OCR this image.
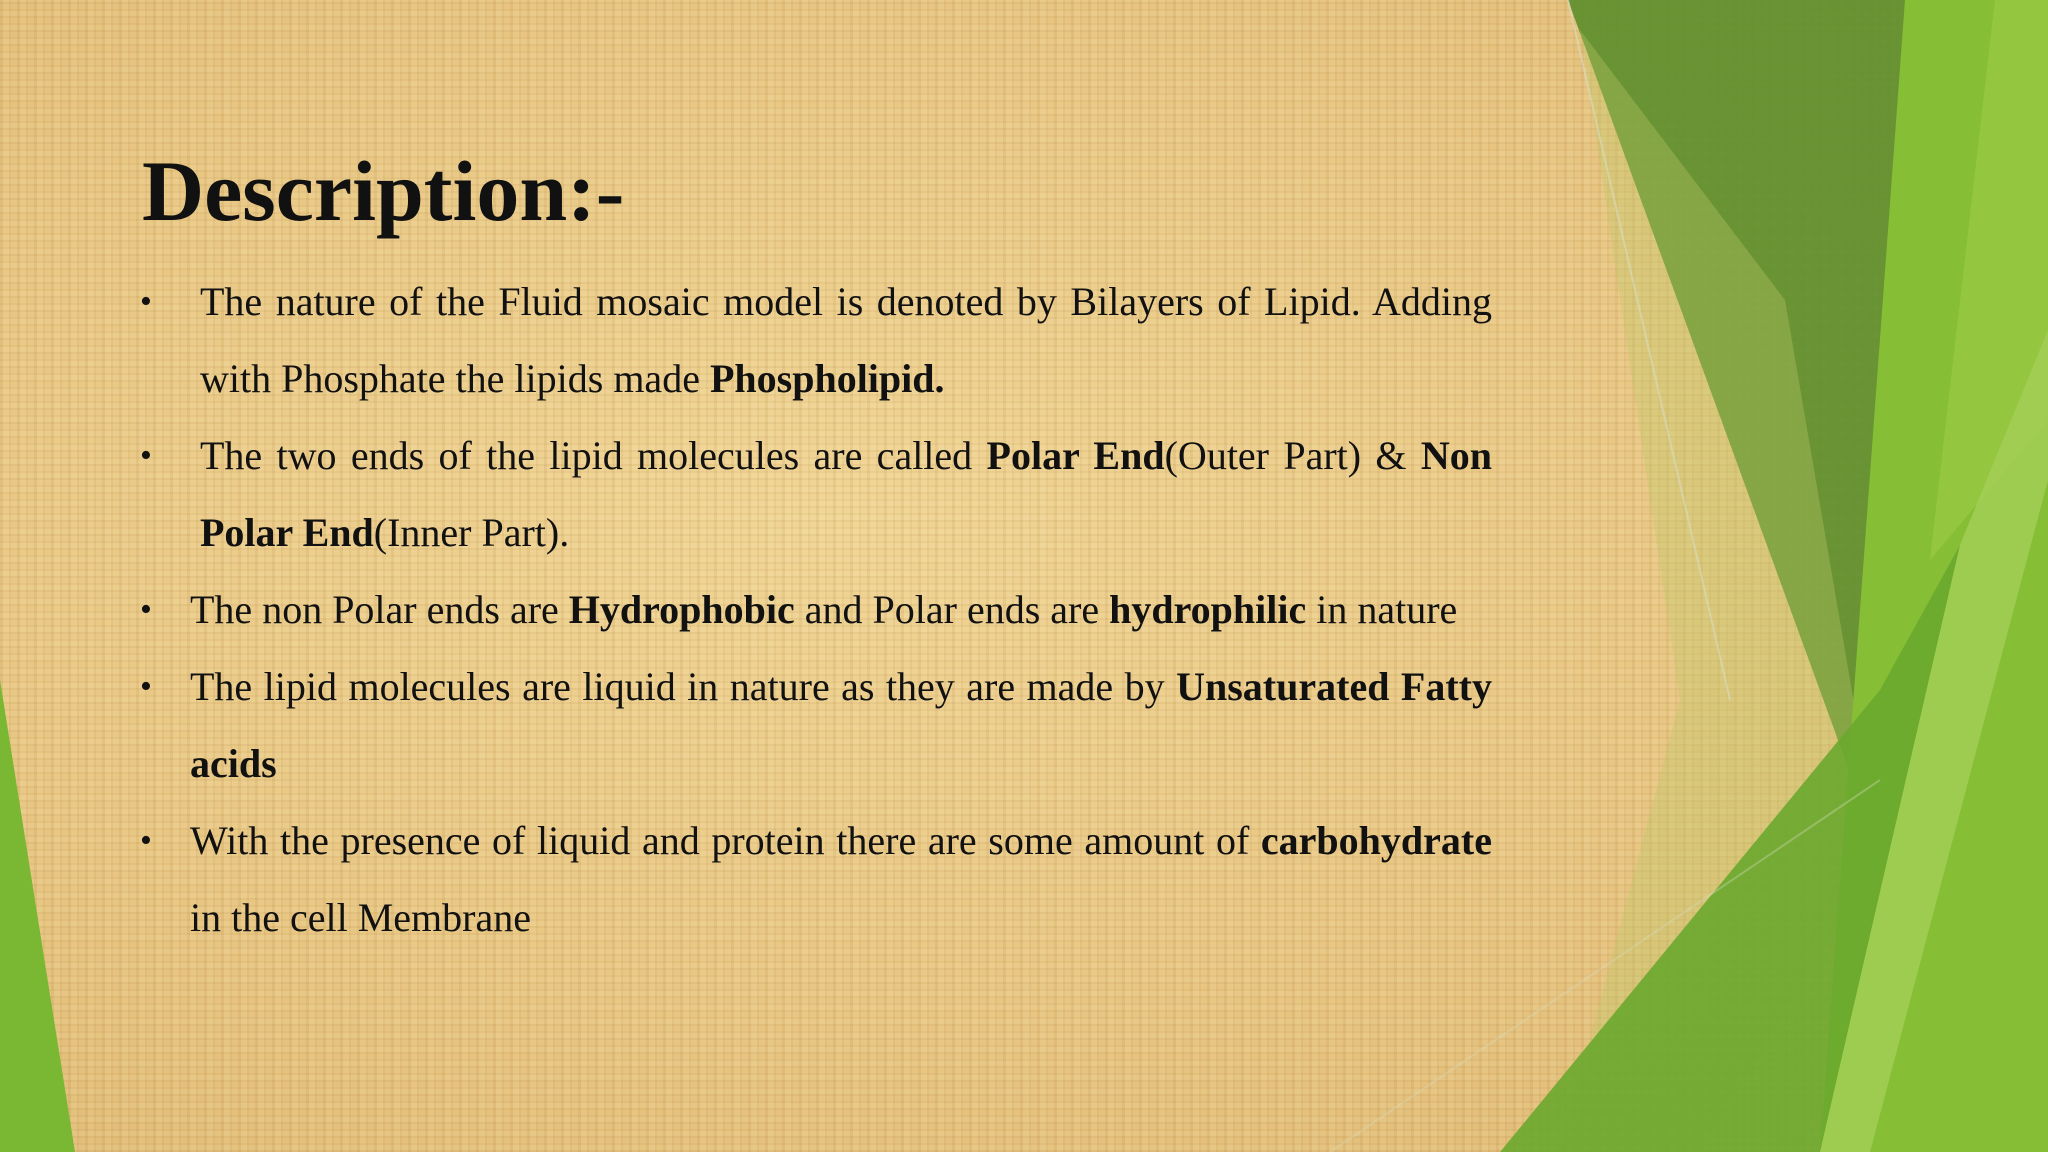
Description:-
• The nature of the Fluid mosaic model is denoted by Bilayers of Lipid. Adding with Phosphate the lipids made Phospholipid.
• The two ends of the lipid molecules are called Polar End(Outer Part) & Non Polar End(Inner Part).
• The non Polar ends are Hydrophobic and Polar ends are hydrophilic in nature
• The lipid molecules are liquid in nature as they are made by Unsaturated Fatty acids
• With the presence of liquid and protein there are some amount of carbohydrate in the cell Membrane
